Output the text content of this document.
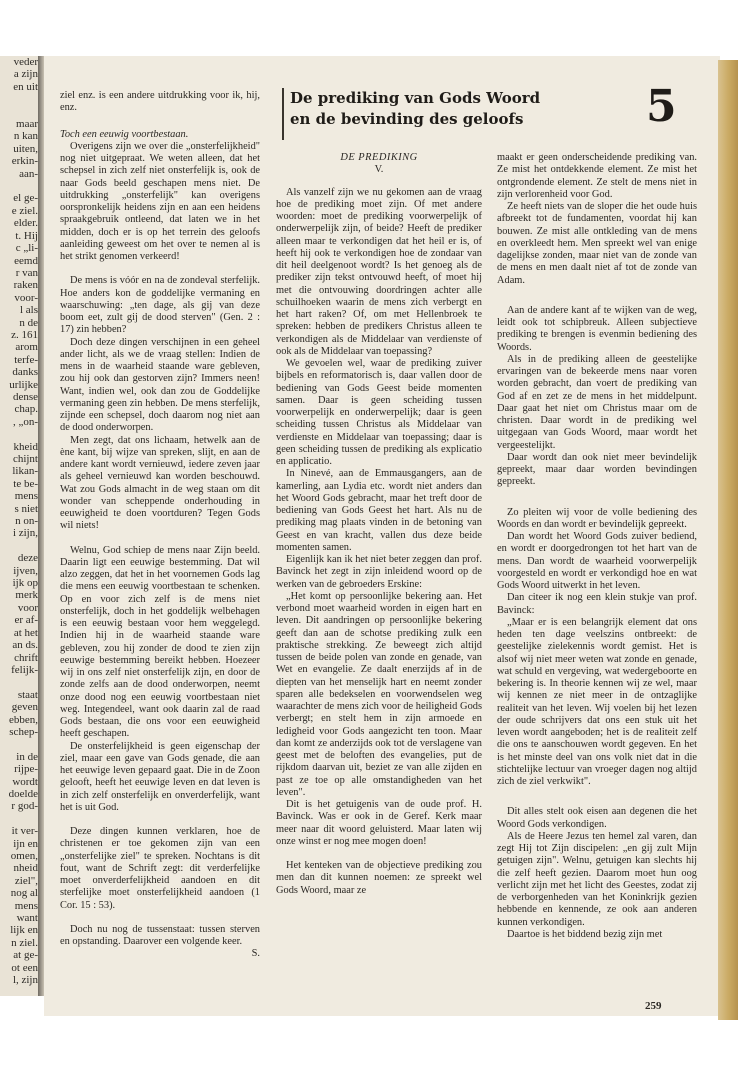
veder
a zijn
en uit

maar
n kan
uiten,
erkin-
aan-

el ge-
e ziel.
elder.
t. Hij
c „li-
eemd
r van
raken
voor-
l als
n de
z. 161
arom
terfe-
danks
urlijke
dense
chap.
, „on-

kheid
chijnt
likan-
te be-
mens
s niet
n on-
i zijn,

deze
ijven,
ijk op
merk
voor
er af-
at het
an ds.
chrift
felijk-

staat
geven
ebben,
schep-

in de
rijpe-
wordt
doelde
r god-

it ver-
ijn en
omen,
nheid
ziel",
nog al
mens
want
lijk en
n ziel.
at ge-
ot een
l, zijn
De prediking van Gods Woord
en de bevinding des geloofs	5

ziel enz. is een andere uitdrukking voor ik, hij, enz.

Toch een eeuwig voortbestaan.

Overigens zijn we over die „onsterfelijkheid" nog niet uitgepraat. We weten alleen, dat het schepsel in zich zelf niet onsterfelijk is, ook de naar Gods beeld geschapen mens niet. De uitdrukking „onsterfelijk" kan overigens oorspronkelijk heidens zijn en aan een heidens spraakgebruik ontleend, dat laten we in het midden, doch er is op het terrein des geloofs aanleiding geweest om het over te nemen al is het strikt genomen verkeerd!

De mens is vóór en na de zondeval sterfelijk. Hoe anders kon de goddelijke vermaning en waarschuwing: „ten dage, als gij van deze boom eet, zult gij de dood sterven" (Gen. 2 : 17) zin hebben?

Doch deze dingen verschijnen in een geheel ander licht, als we de vraag stellen: Indien de mens in de waarheid staande ware gebleven, zou hij ook dan gestorven zijn? Immers neen! Want, indien wel, ook dan zou de Goddelijke vermaning geen zin hebben. De mens sterfelijk, zijnde een schepsel, doch daarom nog niet aan de dood onderworpen.

Men zegt, dat ons lichaam, hetwelk aan de ène kant, bij wijze van spreken, slijt, en aan de andere kant wordt vernieuwd, iedere zeven jaar als geheel vernieuwd kan worden beschouwd. Wat zou Gods almacht in de weg staan om dit wonder van scheppende onderhouding in eeuwigheid te doen voortduren? Tegen Gods wil niets!

Welnu, God schiep de mens naar Zijn beeld. Daarin ligt een eeuwige bestemming. Dat wil alzo zeggen, dat het in het voornemen Gods lag die mens een eeuwig voortbestaan te schenken. Op en voor zich zelf is de mens niet onsterfelijk, doch in het goddelijk welbehagen is een eeuwig bestaan voor hem weggelegd. Indien hij in de waarheid staande ware gebleven, zou hij zonder de dood te zien zijn eeuwige bestemming bereikt hebben. Hoezeer wij in ons zelf niet onsterfelijk zijn, en door de zonde zelfs aan de dood onderworpen, neemt onze dood nog een eeuwig voortbestaan niet weg. Integendeel, want ook daarin zal de raad Gods bestaan, die ons voor een eeuwigheid heeft geschapen.

De onsterfelijkheid is geen eigenschap der ziel, maar een gave van Gods genade, die aan het eeuwige leven gepaard gaat. Die in de Zoon gelooft, heeft het eeuwige leven en dat leven is in zich zelf onsterfelijk en onverderfelijk, want het is uit God.

Deze dingen kunnen verklaren, hoe de christenen er toe gekomen zijn van een „onsterfelijke ziel" te spreken. Nochtans is dit fout, want de Schrift zegt: dit verderfelijke moet onverderfelijkheid aandoen en dit sterfelijke moet onsterfelijkheid aandoen (1 Cor. 15 : 53).

Doch nu nog de tussenstaat: tussen sterven en opstanding. Daarover een volgende keer.

S.

DE PREDIKING

V.

Als vanzelf zijn we nu gekomen aan de vraag hoe de prediking moet zijn. Of met andere woorden: moet de prediking voorwerpelijk of onderwerpelijk zijn, of beide? Heeft de prediker alleen maar te verkondigen dat het heil er is, of heeft hij ook te verkondigen hoe de zondaar van dit heil deelgenoot wordt? Is het genoeg als de prediker zijn tekst ontvouwd heeft, of moet hij met die ontvouwing doordringen achter alle schuilhoeken waarin de mens zich verbergt en het hart raken? Of, om met Hellenbroek te spreken: hebben de predikers Christus alleen te verkondigen als de Middelaar van verdienste of ook als de Middelaar van toepassing?

We gevoelen wel, waar de prediking zuiver bijbels en reformatorisch is, daar vallen door de bediening van Gods Geest beide momenten samen. Daar is geen scheiding tussen voorwerpelijk en onderwerpelijk; daar is geen scheiding tussen Christus als Middelaar van verdienste en Middelaar van toepassing; daar is geen scheiding tussen de prediking als explicatio en applicatio.

In Ninevé, aan de Emmausgangers, aan de kamerling, aan Lydia etc. wordt niet anders dan het Woord Gods gebracht, maar het treft door de bediening van Gods Geest het hart. Als nu de prediking mag plaats vinden in de betoning van Geest en van kracht, vallen dus deze beide momenten samen.

Eigenlijk kan ik het niet beter zeggen dan prof. Bavinck het zegt in zijn inleidend woord op de werken van de gebroeders Erskine:

„Het komt op persoonlijke bekering aan. Het verbond moet waarheid worden in eigen hart en leven. Dit aandringen op persoonlijke bekering geeft dan aan de schotse prediking zulk een praktische strekking. Ze beweegt zich altijd tussen de beide polen van zonde en genade, van Wet en evangelie. Ze daalt enerzijds af in de diepten van het menselijk hart en neemt zonder sparen alle bedekselen en voorwendselen weg waarachter de mens zich voor de heiligheid Gods verbergt; en stelt hem in zijn armoede en ledigheid voor Gods aangezicht ten toon. Maar dan komt ze anderzijds ook tot de verslagene van geest met de beloften des evangelies, put de rijkdom daarvan uit, beziet ze van alle zijden en past ze toe op alle omstandigheden van het leven".

Dit is het getuigenis van de oude prof. H. Bavinck. Was er ook in de Geref. Kerk maar meer naar dit woord geluisterd. Maar laten wij onze winst er nog mee mogen doen!

Het kenteken van de objectieve prediking zou men dan dit kunnen noemen: ze spreekt wel Gods Woord, maar ze

maakt er geen onderscheidende prediking van. Ze mist het ontdekkende element. Ze mist het ontgrondende element. Ze stelt de mens niet in zijn verlorenheid voor God.

Ze heeft niets van de sloper die het oude huis afbreekt tot de fundamenten, voordat hij kan bouwen. Ze mist alle ontkleding van de mens en overkleedt hem. Men spreekt wel van enige dagelijkse zonden, maar niet van de zonde van de mens en men daalt niet af tot de zonde van Adam.

Aan de andere kant af te wijken van de weg, leidt ook tot schipbreuk. Alleen subjectieve prediking te brengen is evenmin bediening des Woords.

Als in de prediking alleen de geestelijke ervaringen van de bekeerde mens naar voren worden gebracht, dan voert de prediking van God af en zet ze de mens in het middelpunt. Daar gaat het niet om Christus maar om de christen. Daar wordt in de prediking wel uitgegaan van Gods Woord, maar wordt het vergeestelijkt.

Daar wordt dan ook niet meer bevindelijk gepreekt, maar daar worden bevindingen gepreekt.

Zo pleiten wij voor de volle bediening des Woords en dan wordt er bevindelijk gepreekt.

Dan wordt het Woord Gods zuiver bediend, en wordt er doorgedrongen tot het hart van de mens. Dan wordt de waarheid voorwerpelijk voorgesteld en wordt er verkondigd hoe en wat Gods Woord uitwerkt in het leven.

Dan citeer ik nog een klein stukje van prof. Bavinck:

„Maar er is een belangrijk element dat ons heden ten dage veelszins ontbreekt: de geestelijke zielekennis wordt gemist. Het is alsof wij niet meer weten wat zonde en genade, wat schuld en vergeving, wat wedergeboorte en bekering is. In theorie kennen wij ze wel, maar wij kennen ze niet meer in de ontzaglijke realiteit van het leven. Wij voelen bij het lezen der oude schrijvers dat ons een stuk uit het leven wordt aangeboden; het is de realiteit zelf die ons te aanschouwen wordt gegeven. En het is het minste deel van ons volk niet dat in die stichtelijke lectuur van vroeger dagen nog altijd zich de ziel verkwikt".

Dit alles stelt ook eisen aan degenen die het Woord Gods verkondigen.

Als de Heere Jezus ten hemel zal varen, dan zegt Hij tot Zijn discipelen: „en gij zult Mijn getuigen zijn". Welnu, getuigen kan slechts hij die zelf heeft gezien. Daarom moet hun oog verlicht zijn met het licht des Geestes, zodat zij de verborgenheden van het Koninkrijk gezien hebbende en kennende, ze ook aan anderen kunnen verkondigen.

Daartoe is het biddend bezig zijn met

259
